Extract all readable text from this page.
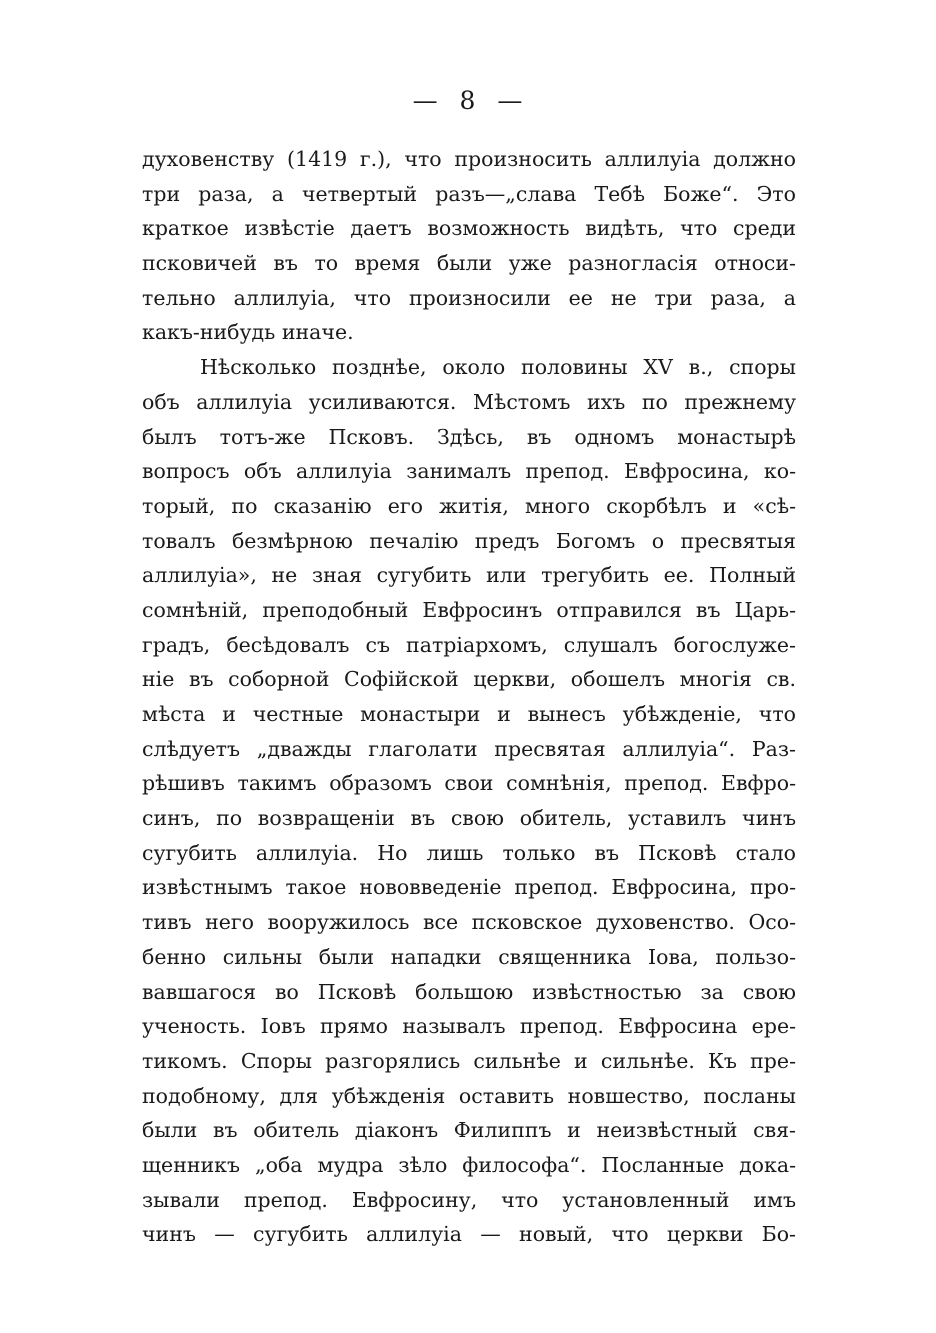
— 8 —
духовенству (1419 г.), что произносить аллилуіа должно
три раза, а четвертый разъ—„слава Тебѣ Боже“. Это
краткое извѣстіе даетъ возможность видѣть, что среди
псковичей въ то время были уже разногласія относи-
тельно аллилуіа, что произносили ее не три раза, а
какъ-нибудь иначе.
Нѣсколько позднѣе, около половины XV в., споры
объ аллилуіа усиливаются. Мѣстомъ ихъ по прежнему
былъ тотъ-же Псковъ. Здѣсь, въ одномъ монастырѣ
вопросъ объ аллилуіа занималъ препод. Евфросина, ко-
торый, по сказанію его житія, много скорбѣлъ и «сѣ-
товалъ безмѣрною печалію предъ Богомъ о пресвятыя
аллилуіа», не зная сугубить или трегубить ее. Полный
сомнѣній, преподобный Евфросинъ отправился въ Царь-
градъ, бесѣдовалъ съ патріархомъ, слушалъ богослуже-
ніе въ соборной Софійской церкви, обошелъ многія св.
мѣста и честные монастыри и вынесъ убѣжденіе, что
слѣдуетъ „дважды глаголати пресвятая аллилуіа“. Раз-
рѣшивъ такимъ образомъ свои сомнѣнія, препод. Евфро-
синъ, по возвращеніи въ свою обитель, уставилъ чинъ
сугубить аллилуіа. Но лишь только въ Псковѣ стало
извѣстнымъ такое нововведеніе препод. Евфросина, про-
тивъ него вооружилось все псковское духовенство. Осо-
бенно сильны были нападки священника Іова, пользо-
вавшагося во Псковѣ большою извѣстностью за свою
ученость. Іовъ прямо называлъ препод. Евфросина ере-
тикомъ. Споры разгорялись сильнѣе и сильнѣе. Къ пре-
подобному, для убѣжденія оставить новшество, посланы
были въ обитель діаконъ Филиппъ и неизвѣстный свя-
щенникъ „оба мудра зѣло философа“. Посланные дока-
зывали препод. Евфросину, что установленный имъ
чинъ — сугубить аллилуіа — новый, что церкви Бо-
